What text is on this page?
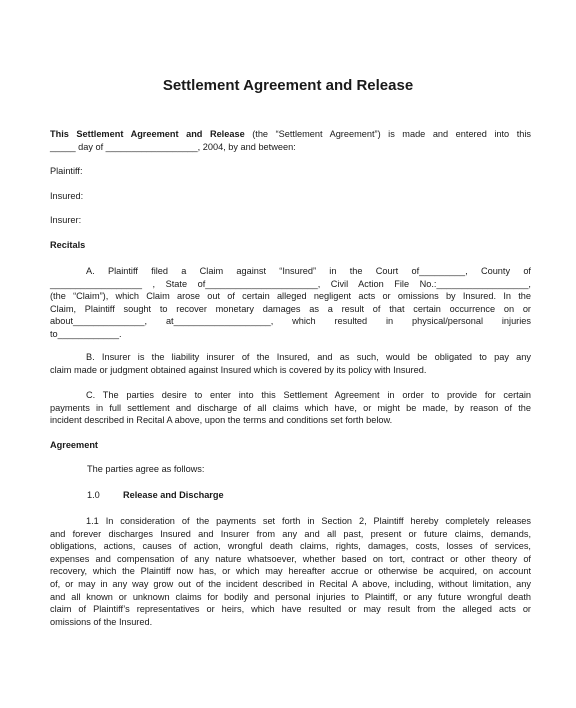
Settlement Agreement and Release
This Settlement Agreement and Release (the “Settlement Agreement”) is made and entered into this
_____ day of __________________, 2004, by and between:
Plaintiff:
Insured:
Insurer:
Recitals
A. Plaintiff filed a Claim against “Insured” in the Court of_________, County of
__________________ , State of______________________, Civil Action File No.:__________________,
(the “Claim”), which Claim arose out of certain alleged negligent acts or omissions by Insured. In the
Claim, Plaintiff sought to recover monetary damages as a result of that certain occurrence on or
about______________, at___________________, which resulted in physical/personal injuries
to____________.
B. Insurer is the liability insurer of the Insured, and as such, would be obligated to pay any
claim made or judgment obtained against Insured which is covered by its policy with Insured.
C. The parties desire to enter into this Settlement Agreement in order to provide for certain
payments in full settlement and discharge of all claims which have, or might be made, by reason of the
incident described in Recital A above, upon the terms and conditions set forth below.
Agreement
The parties agree as follows:
1.0	Release and Discharge
1.1 In consideration of the payments set forth in Section 2, Plaintiff hereby completely releases
and forever discharges Insured and Insurer from any and all past, present or future claims, demands,
obligations, actions, causes of action, wrongful death claims, rights, damages, costs, losses of services,
expenses and compensation of any nature whatsoever, whether based on tort, contract or other theory of
recovery, which the Plaintiff now has, or which may hereafter accrue or otherwise be acquired, on account
of, or may in any way grow out of the incident described in Recital A above, including, without limitation, any
and all known or unknown claims for bodily and personal injuries to Plaintiff, or any future wrongful death
claim of Plaintiff’s representatives or heirs, which have resulted or may result from the alleged acts or
omissions of the Insured.
